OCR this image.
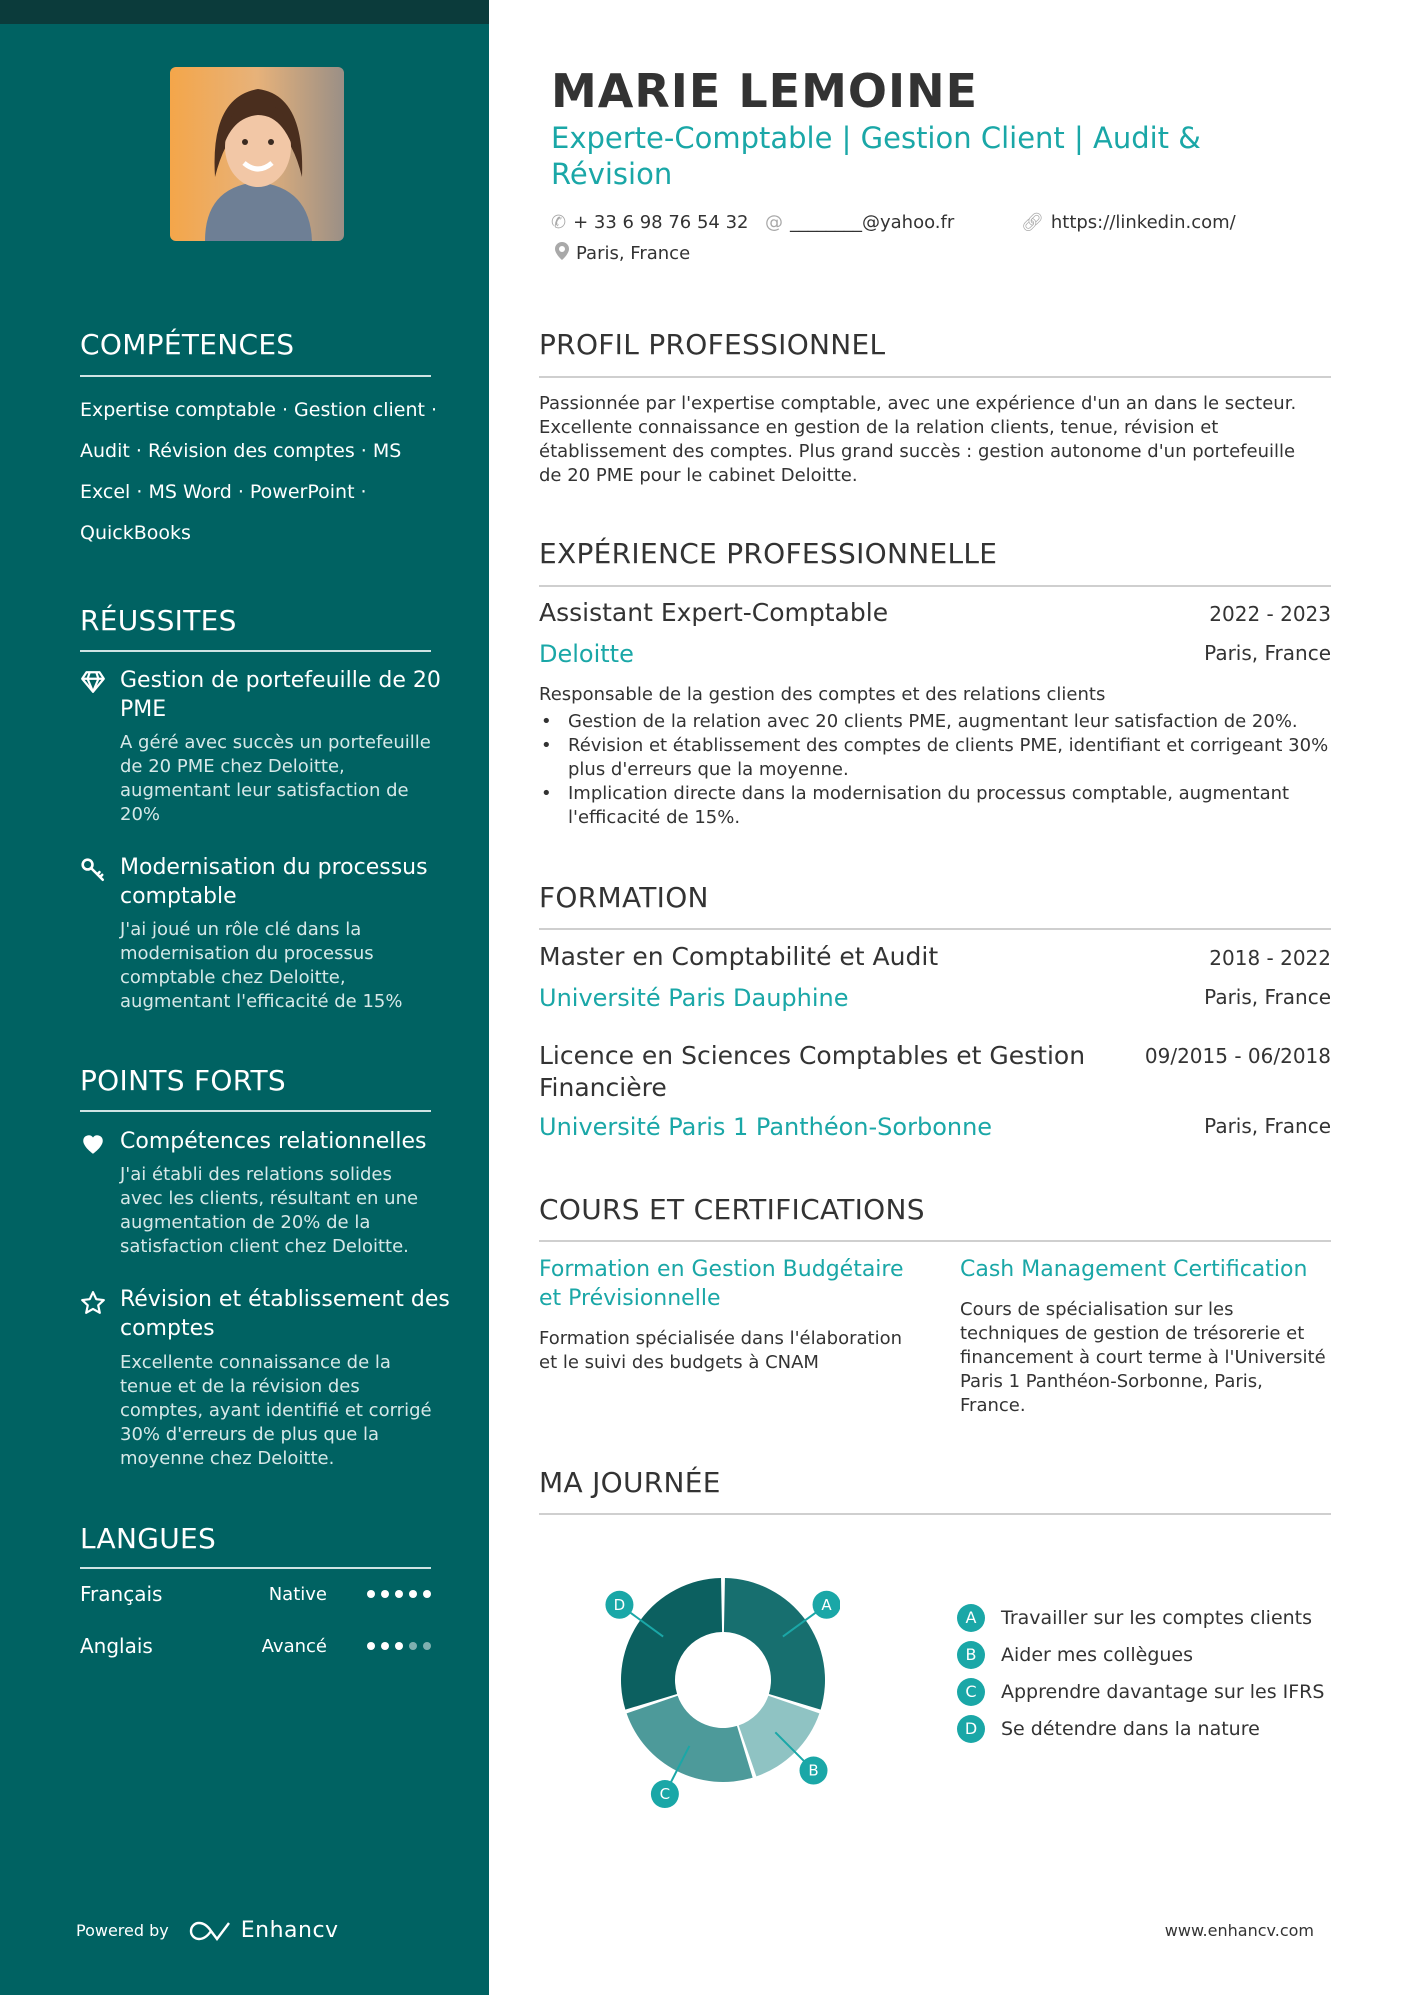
COMPÉTENCES
Expertise comptable · Gestion client · Audit · Révision des comptes · MS Excel · MS Word · PowerPoint · QuickBooks
RÉUSSITES
Gestion de portefeuille de 20 PME
A géré avec succès un portefeuille de 20 PME chez Deloitte, augmentant leur satisfaction de 20%
Modernisation du processus comptable
J'ai joué un rôle clé dans la modernisation du processus comptable chez Deloitte, augmentant l'efficacité de 15%
POINTS FORTS
Compétences relationnelles
J'ai établi des relations solides avec les clients, résultant en une augmentation de 20% de la satisfaction client chez Deloitte.
Révision et établissement des comptes
Excellente connaissance de la tenue et de la révision des comptes, ayant identifié et corrigé 30% d'erreurs de plus que la moyenne chez Deloitte.
LANGUES
Français	Native
Anglais	Avancé
Powered by	Enhancv
MARIE LEMOINE
Experte-Comptable | Gestion Client | Audit & Révision
✆ + 33 6 98 76 54 32 @ ________@yahoo.fr	🔗︎ https://linkedin.com/
Paris, France
PROFIL PROFESSIONNEL
Passionnée par l'expertise comptable, avec une expérience d'un an dans le secteur. Excellente connaissance en gestion de la relation clients, tenue, révision et établissement des comptes. Plus grand succès : gestion autonome d'un portefeuille de 20 PME pour le cabinet Deloitte.
EXPÉRIENCE PROFESSIONNELLE
Assistant Expert-Comptable	2022 - 2023
Deloitte	Paris, France
Responsable de la gestion des comptes et des relations clients
• Gestion de la relation avec 20 clients PME, augmentant leur satisfaction de 20%.
• Révision et établissement des comptes de clients PME, identifiant et corrigeant 30% plus d'erreurs que la moyenne.
• Implication directe dans la modernisation du processus comptable, augmentant l'efficacité de 15%.
FORMATION
Master en Comptabilité et Audit	2018 - 2022
Université Paris Dauphine	Paris, France
Licence en Sciences Comptables et Gestion Financière
09/2015 - 06/2018
Université Paris 1 Panthéon-Sorbonne	Paris, France
COURS ET CERTIFICATIONS
Formation en Gestion Budgétaire et Prévisionnelle
Formation spécialisée dans l'élaboration et le suivi des budgets à CNAM
Cash Management Certification
Cours de spécialisation sur les techniques de gestion de trésorerie et financement à court terme à l'Université Paris 1 Panthéon-Sorbonne, Paris, France.
MA JOURNÉE
A
B
C
D
A	Travailler sur les comptes clients
B	Aider mes collègues
C	Apprendre davantage sur les IFRS
D	Se détendre dans la nature
www.enhancv.com
